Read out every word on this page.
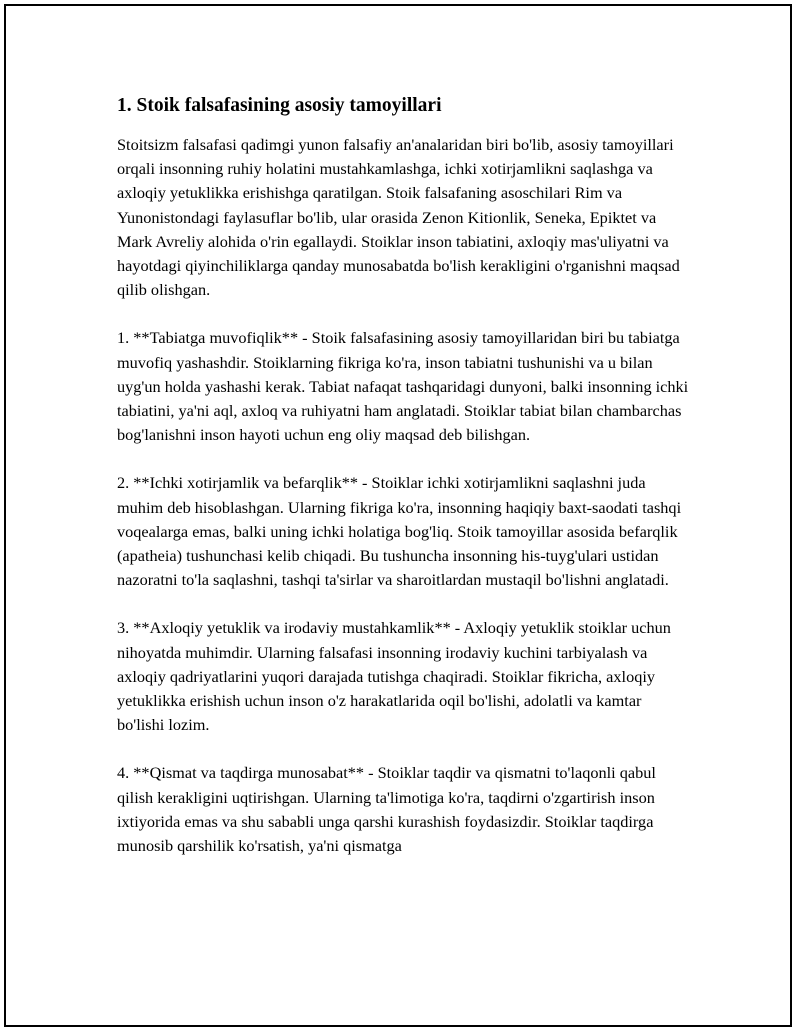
1. Stoik falsafasining asosiy tamoyillari

Stoitsizm falsafasi qadimgi yunon falsafiy an'analaridan biri bo'lib, asosiy tamoyillari orqali insonning ruhiy holatini mustahkamlashga, ichki xotirjamlikni saqlashga va axloqiy yetuklikka erishishga qaratilgan. Stoik falsafaning asoschilari Rim va Yunonistondagi faylasuflar bo'lib, ular orasida Zenon Kitionlik, Seneka, Epiktet va Mark Avreliy alohida o'rin egallaydi. Stoiklar inson tabiatini, axloqiy mas'uliyatni va hayotdagi qiyinchiliklarga qanday munosabatda bo'lish kerakligini o'rganishni maqsad qilib olishgan.

1. **Tabiatga muvofiqlik** - Stoik falsafasining asosiy tamoyillaridan biri bu tabiatga muvofiq yashashdir. Stoiklarning fikriga ko'ra, inson tabiatni tushunishi va u bilan uyg'un holda yashashi kerak. Tabiat nafaqat tashqaridagi dunyoni, balki insonning ichki tabiatini, ya'ni aql, axloq va ruhiyatni ham anglatadi. Stoiklar tabiat bilan chambarchas bog'lanishni inson hayoti uchun eng oliy maqsad deb bilishgan.

2. **Ichki xotirjamlik va befarqlik** - Stoiklar ichki xotirjamlikni saqlashni juda muhim deb hisoblashgan. Ularning fikriga ko'ra, insonning haqiqiy baxt-saodati tashqi voqealarga emas, balki uning ichki holatiga bog'liq. Stoik tamoyillar asosida befarqlik (apatheia) tushunchasi kelib chiqadi. Bu tushuncha insonning his-tuyg'ulari ustidan nazoratni to'la saqlashni, tashqi ta'sirlar va sharoitlardan mustaqil bo'lishni anglatadi.

3. **Axloqiy yetuklik va irodaviy mustahkamlik** - Axloqiy yetuklik stoiklar uchun nihoyatda muhimdir. Ularning falsafasi insonning irodaviy kuchini tarbiyalash va axloqiy qadriyatlarini yuqori darajada tutishga chaqiradi. Stoiklar fikricha, axloqiy yetuklikka erishish uchun inson o'z harakatlarida oqil bo'lishi, adolatli va kamtar bo'lishi lozim.

4. **Qismat va taqdirga munosabat** - Stoiklar taqdir va qismatni to'laqonli qabul qilish kerakligini uqtirishgan. Ularning ta'limotiga ko'ra, taqdirni o'zgartirish inson ixtiyorida emas va shu sababli unga qarshi kurashish foydasizdir. Stoiklar taqdirga munosib qarshilik ko'rsatish, ya'ni qismatga
